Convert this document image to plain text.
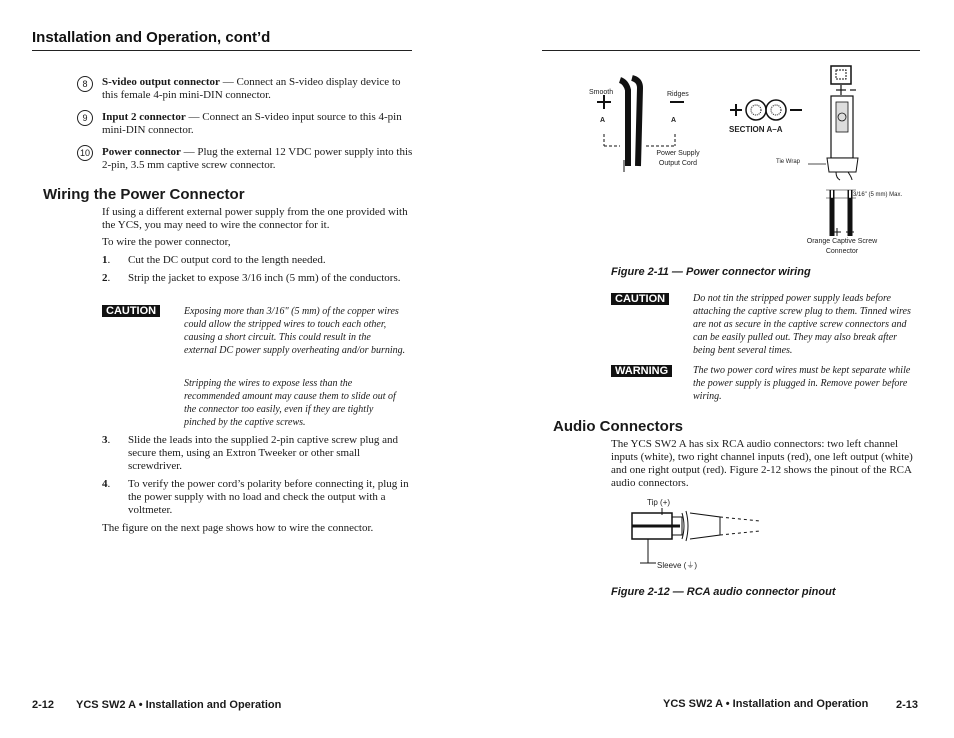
Installation and Operation, cont’d
8	S-video output connector — Connect an S-video display device to this female 4-pin mini-DIN connector.
9	Input 2 connector — Connect an S-video input source to this 4-pin mini-DIN connector.
10 Power connector — Plug the external 12 VDC power supply into this 2-pin, 3.5 mm captive screw connector.
Wiring the Power Connector
If using a different external power supply from the one provided with the YCS, you may need to wire the connector for it.
To wire the power connector,
1. Cut the DC output cord to the length needed.
2. Strip the jacket to expose 3/16 inch (5 mm) of the conductors.
CAUTION	Exposing more than 3/16" (5 mm) of the copper wires could allow the stripped wires to touch each other, causing a short circuit. This could result in the external DC power supply overheating and/or burning.
Stripping the wires to expose less than the recommended amount may cause them to slide out of the connector too easily, even if they are tightly pinched by the captive screws.
3. Slide the leads into the supplied 2-pin captive screw plug and secure them, using an Extron Tweeker or other small screwdriver.
4. To verify the power cord’s polarity before connecting it, plug in the power supply with no load and check the output with a voltmeter.
The figure on the next page shows how to wire the connector.
2-12 YCS SW2 A • Installation and Operation
Smooth	Ridges
A	A
Power Supply
Output Cord
SECTION A–A
Tie Wrap
3/16" (5 mm) Max.
Orange Captive Screw
Connector
Figure 2-11 — Power connector wiring
CAUTION	Do not tin the stripped power supply leads before attaching the captive screw plug to them. Tinned wires are not as secure in the captive screw connectors and can be easily pulled out. They may also break after being bent several times.
WARNING	The two power cord wires must be kept separate while the power supply is plugged in. Remove power before wiring.
Audio Connectors
The YCS SW2 A has six RCA audio connectors: two left channel inputs (white), two right channel inputs (red), one left output (white) and one right output (red). Figure 2-12 shows the pinout of the RCA audio connectors.
Tip (+)
Sleeve (⏚)
Figure 2-12 — RCA audio connector pinout
YCS SW2 A • Installation and Operation	2-13
